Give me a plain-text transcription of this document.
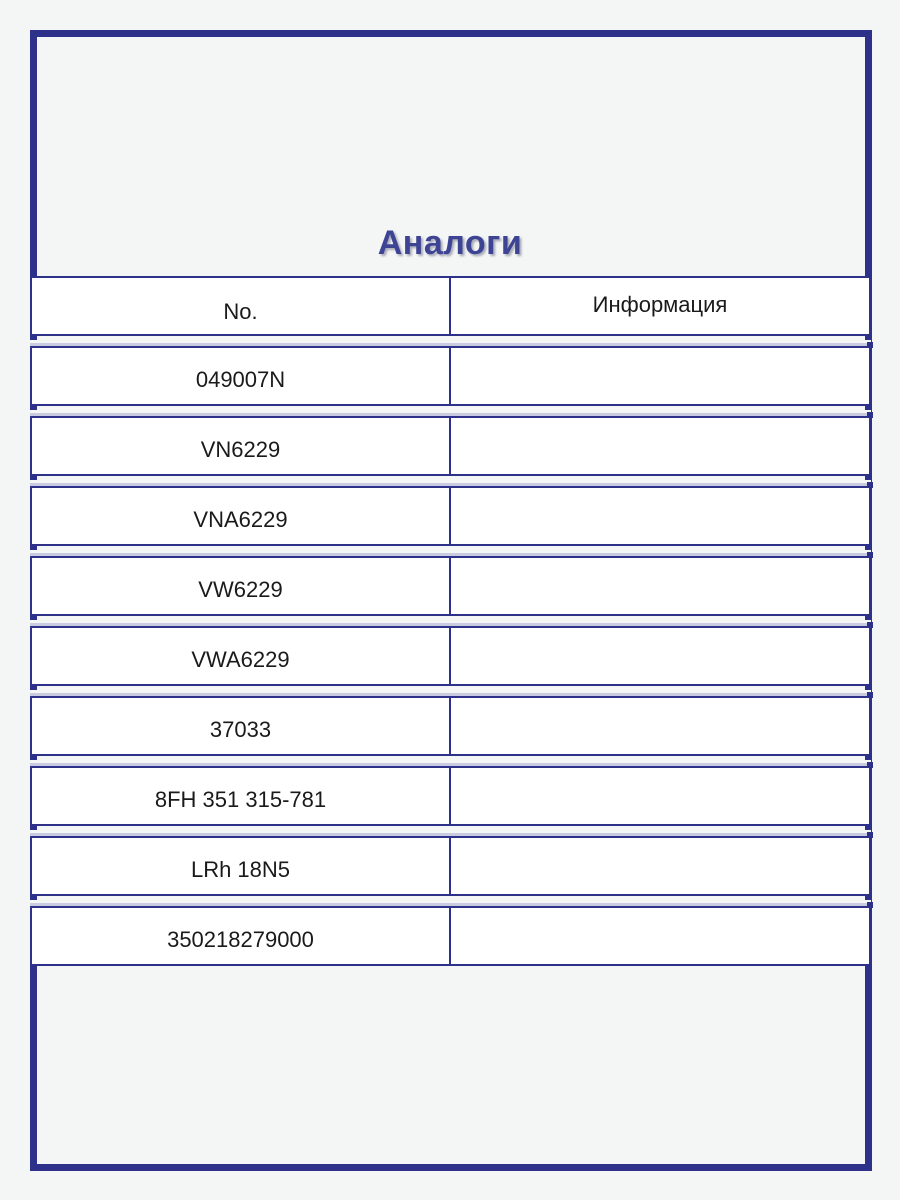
Аналоги
No.	Информация
049007N
VN6229
VNA6229
VW6229
VWA6229
37033
8FH 351 315-781
LRh 18N5
350218279000
